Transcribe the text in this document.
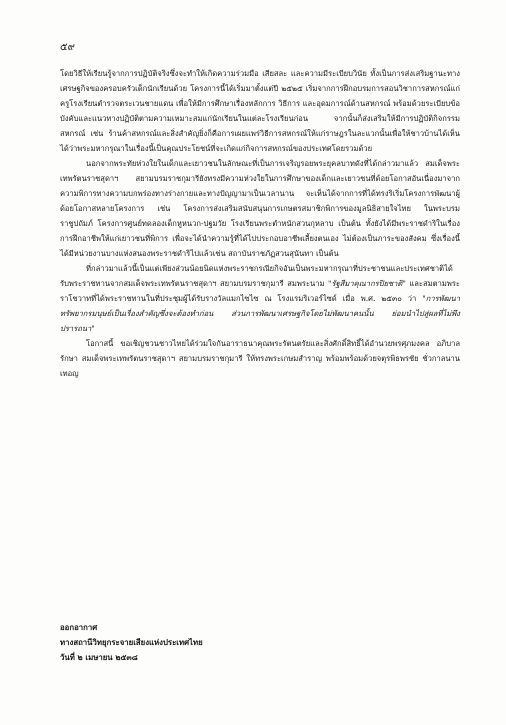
๕๙

โดยวิธีให้เรียนรู้จากการปฏิบัติจริงซึ่งจะทำให้เกิดความร่วมมือ เสียสละ และความมีระเบียบวินัย ทั้งเป็นการส่งเสริมฐานะทางเศรษฐกิจของครอบครัวเด็กนักเรียนด้วย โครงการนี้ได้เริ่มมาตั้งแต่ปี ๒๕๒๕ เริ่มจากการฝึกอบรมการสอนวิชาการสหกรณ์แก่ครูโรงเรียนตำรวจตระเวนชายแดน เพื่อให้มีการศึกษาเรื่องหลักการ วิธีการ และอุดมการณ์ด้านสหกรณ์ พร้อมด้วยระเบียบข้อบังคับและแนวทางปฏิบัติตามความเหมาะสมแก่นักเรียนในแต่ละโรงเรียนก่อน จากนั้นก็ส่งเสริมให้มีการปฏิบัติกิจกรรมสหกรณ์ เช่น ร้านค้าสหกรณ์และสิ่งสำคัญยิ่งก็คือการเผยแพร่วิธีการสหกรณ์ให้แก่ราษฎรในละแวกนั้นเพื่อให้ชาวบ้านได้เห็นได้ว่าพระมหากรุณาในเรื่องนี้เป็นคุณประโยชน์ที่จะเกิดแก่กิจการสหกรณ์ของประเทศโดยรวมด้วย

นอกจากพระทัยห่วงใยในเด็กและเยาวชนในลักษณะที่เป็นการเจริญรอยพระยุคลบาทดังที่ได้กล่าวมาแล้ว สมเด็จพระเทพรัตนราชสุดาฯ สยามบรมราชกุมารียังทรงมีความห่วงใยในการศึกษาของเด็กและเยาวชนที่ด้อยโอกาสอันเนื่องมาจากความพิการทางความบกพร่องทางร่างกายและทางปัญญามาเป็นเวลานาน จะเห็นได้จากการที่ได้ทรงริเริ่มโครงการพัฒนาผู้ด้อยโอกาสหลายโครงการ เช่น โครงการส่งเสริมสนับสนุนการเกษตรสมาชิกพิการของมูลนิธิสายใจไทย ในพระบรมราชูปถัมภ์ โครงการศูนย์ทดลองเด็กหูหนวก-ปฐมวัย โรงเรียนพระตำหนักสวนกุหลาบ เป็นต้น ทั้งยังได้มีพระราชดำริในเรื่องการฝึกอาชีพให้แก่เยาวชนที่พิการ เพื่อจะได้นำความรู้ที่ได้ไปประกอบอาชีพเลี้ยงตนเอง ไม่ต้องเป็นภาระของสังคม ซึ่งเรื่องนี้ได้มีหน่วยงานบางแห่งสนองพระราชดำริไปแล้วเช่น สถาบันราชภัฏสวนสุนันทา เป็นต้น

ที่กล่าวมาแล้วนี้เป็นแต่เพียงส่วนน้อยนิดแห่งพระราชกรณียกิจอันเป็นพระมหากรุณาที่ประชาชนและประเทศชาติได้รับพระราชทานจากสมเด็จพระเทพรัตนราชสุดาฯ สยามบรมราชกุมารี สมพระนาม "รัฐสีมาคุณากรปิยชาติ" และสมตามพระราโชวาทที่ได้พระราชทานในที่ประชุมผู้ได้รับรางวัลแมกไซไซ ณ โรงแรมริเวอร์ไซด์ เมื่อ พ.ศ. ๒๕๓๐ ว่า "การพัฒนาทรัพยากรมนุษย์เป็นเรื่องสำคัญซึ่งจะต้องทำก่อน ส่วนการพัฒนาเศรษฐกิจโดยไม่พัฒนาคนนั้น ย่อมนำไปสู่ผลที่ไม่พึงปรารถนา"

โอกาสนี้ ขอเชิญชวนชาวไทยได้ร่วมใจกันอาราธนาคุณพระรัตนตรัยและสิ่งศักดิ์สิทธิ์ได้อำนวยพรศุภมงคล อภิบาลรักษา สมเด็จพระเทพรัตนราชสุดาฯ สยามบรมราชกุมารี ให้ทรงพระเกษมสำราญ พร้อมพร้อมด้วยจตุรพิธพรชัย ชั่วกาลนานเทอญ

ออกอากาศ
ทางสถานีวิทยุกระจายเสียงแห่งประเทศไทย
วันที่ ๒ เมษายน ๒๕๓๘
